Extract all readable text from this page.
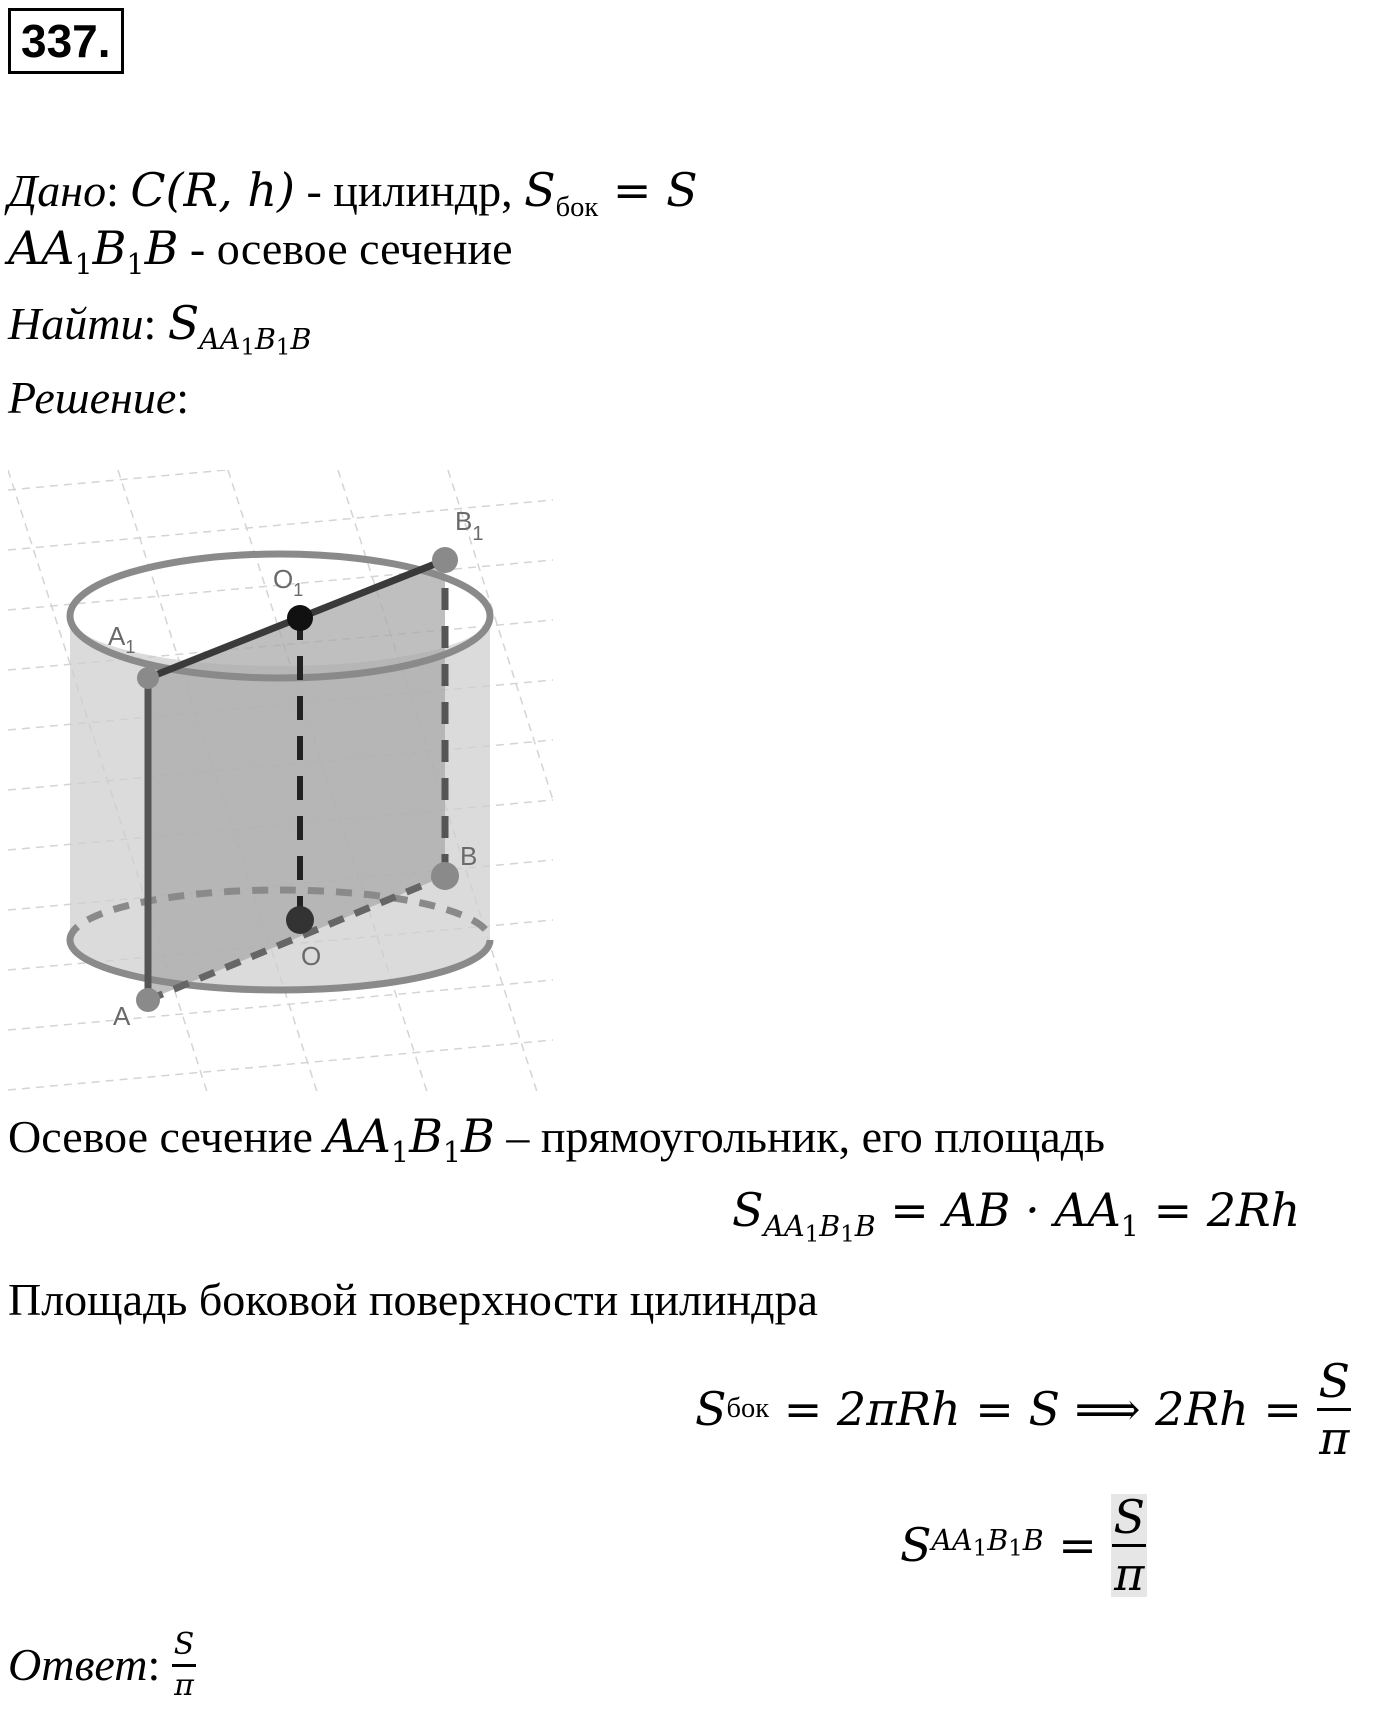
337.
Дано: C(R, h) - цилиндр, $S_{бок} = S$
$AA_1B_1B$ - осевое сечение
Найти: $S_{AA1B1B}$
Решение:
A
$A_1$
B
$B_1$
O
$O_1$
Осевое сечение $AA_1B_1B$ – прямоугольник, его площадь
$S_{AA1B1B}$ = AB · $AA_1 = 2Rh$
Площадь боковой поверхности цилиндра
S бок = 2πRh = S ⟹ $2Rh = \frac{S}{\pi}$
S $AA1B1B = \frac{S}{\pi}$
Ответ : $\frac{S}{\pi}$
